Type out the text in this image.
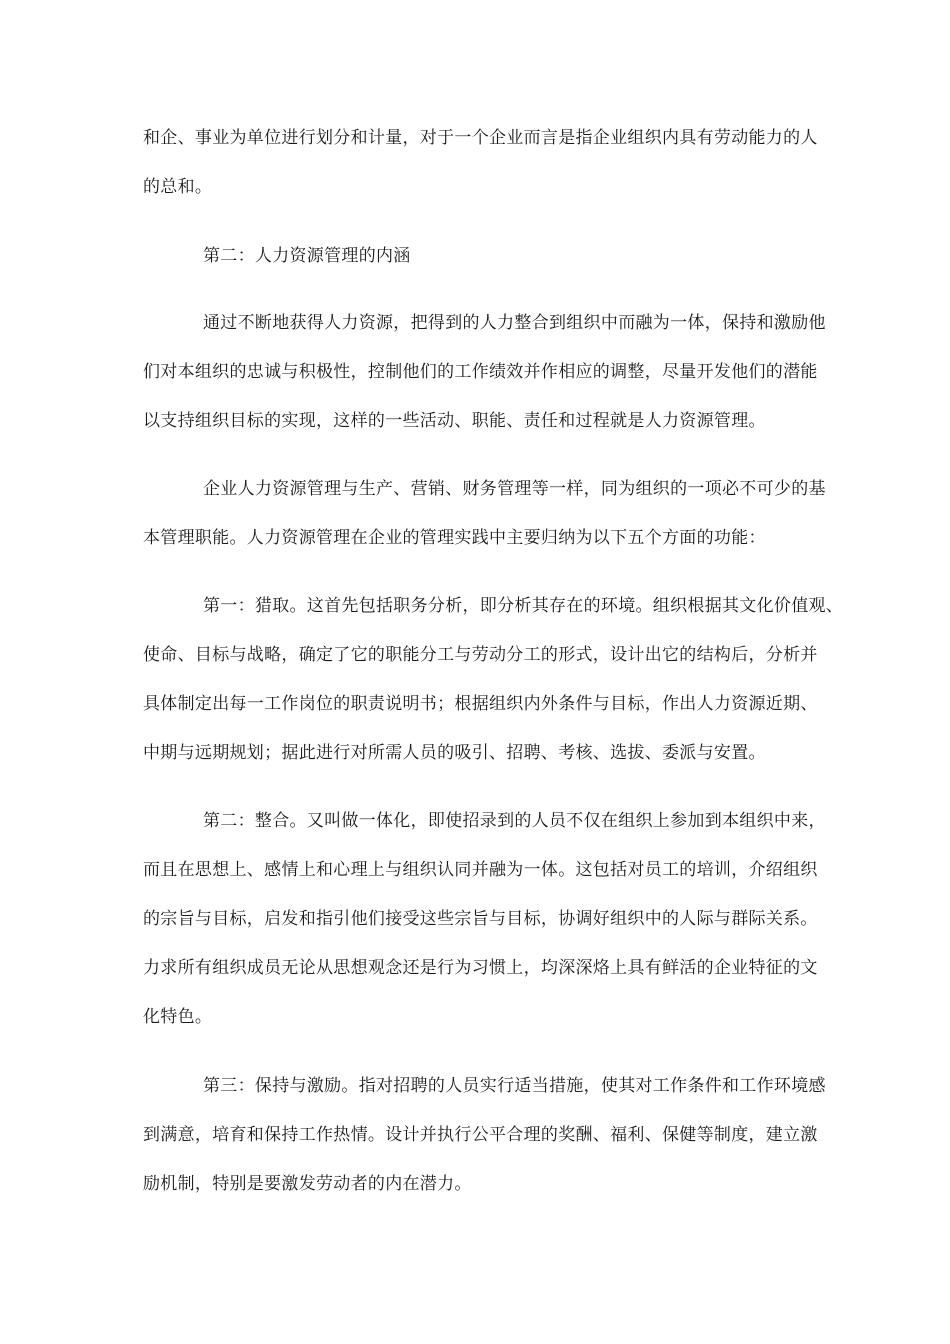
和企、事业为单位进行划分和计量，对于一个企业而言是指企业组织内具有劳动能力的人
的总和。
第二：人力资源管理的内涵
通过不断地获得人力资源，把得到的人力整合到组织中而融为一体，保持和激励他
们对本组织的忠诚与积极性，控制他们的工作绩效并作相应的调整，尽量开发他们的潜能
以支持组织目标的实现，这样的一些活动、职能、责任和过程就是人力资源管理。
企业人力资源管理与生产、营销、财务管理等一样，同为组织的一项必不可少的基
本管理职能。人力资源管理在企业的管理实践中主要归纳为以下五个方面的功能：
第一：猎取。这首先包括职务分析，即分析其存在的环境。组织根据其文化价值观、
使命、目标与战略，确定了它的职能分工与劳动分工的形式，设计出它的结构后，分析并
具体制定出每一工作岗位的职责说明书；根据组织内外条件与目标，作出人力资源近期、
中期与远期规划；据此进行对所需人员的吸引、招聘、考核、选拔、委派与安置。
第二：整合。又叫做一体化，即使招录到的人员不仅在组织上参加到本组织中来，
而且在思想上、感情上和心理上与组织认同并融为一体。这包括对员工的培训，介绍组织
的宗旨与目标，启发和指引他们接受这些宗旨与目标，协调好组织中的人际与群际关系。
力求所有组织成员无论从思想观念还是行为习惯上，均深深烙上具有鲜活的企业特征的文
化特色。
第三：保持与激励。指对招聘的人员实行适当措施，使其对工作条件和工作环境感
到满意，培育和保持工作热情。设计并执行公平合理的奖酬、福利、保健等制度，建立激
励机制，特别是要激发劳动者的内在潜力。
